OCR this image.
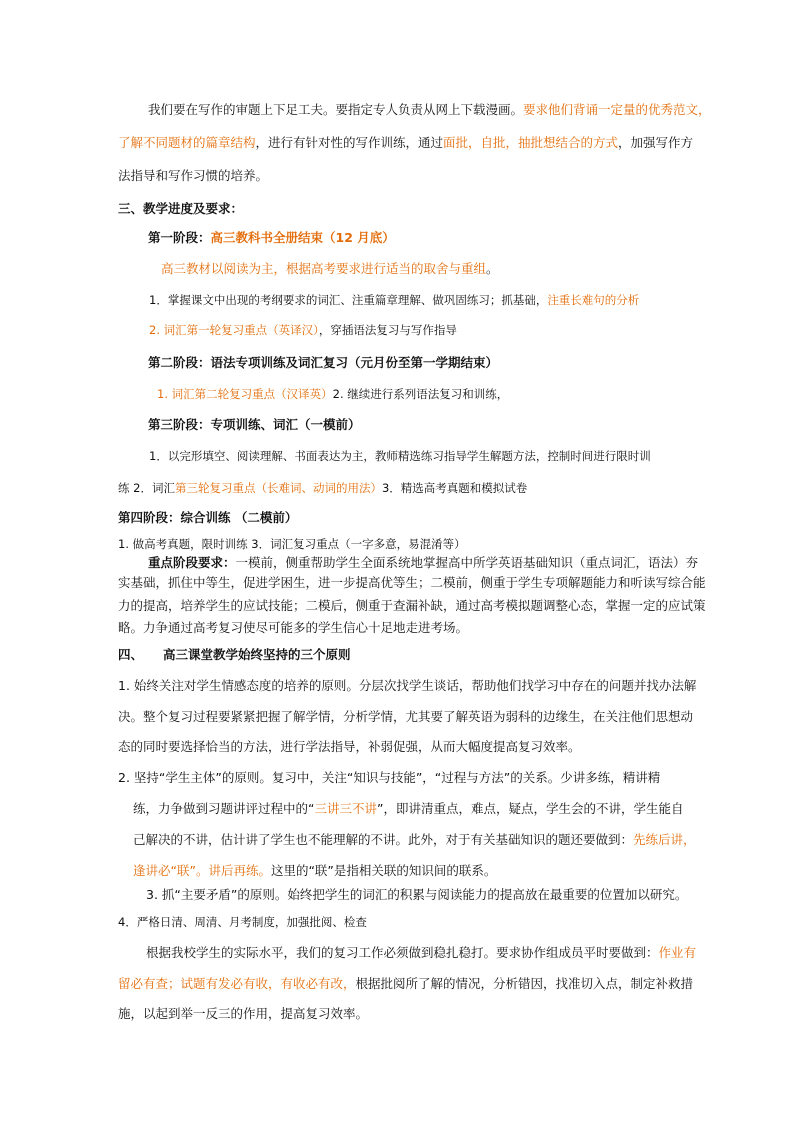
我们要在写作的审题上下足工夫。要指定专人负责从网上下载漫画。要求他们背诵一定量的优秀范文，
了解不同题材的篇章结构，进行有针对性的写作训练，通过面批，自批，抽批想结合的方式，加强写作方
法指导和写作习惯的培养。
三、教学进度及要求：
第一阶段：高三教科书全册结束（12 月底）
高三教材以阅读为主，根据高考要求进行适当的取舍与重组。
1．掌握课文中出现的考纲要求的词汇、注重篇章理解、做巩固练习；抓基础，注重长难句的分析
2. 词汇第一轮复习重点（英译汉），穿插语法复习与写作指导
第二阶段：语法专项训练及词汇复习（元月份至第一学期结束）
1. 词汇第二轮复习重点（汉译英）2. 继续进行系列语法复习和训练，
第三阶段：专项训练、词汇（一模前）
1．以完形填空、阅读理解、书面表达为主，教师精选练习指导学生解题方法，控制时间进行限时训
练 2．词汇第三轮复习重点（长难词、动词的用法）3．精选高考真题和模拟试卷
第四阶段：综合训练 （二模前）
1. 做高考真题，限时训练 3．词汇复习重点（一字多意，易混淆等）
重点阶段要求：一模前，侧重帮助学生全面系统地掌握高中所学英语基础知识（重点词汇，语法）夯
实基础，抓住中等生，促进学困生，进一步提高优等生；二模前，侧重于学生专项解题能力和听读写综合能
力的提高，培养学生的应试技能；二模后，侧重于查漏补缺，通过高考模拟题调整心态，掌握一定的应试策
略。力争通过高考复习使尽可能多的学生信心十足地走进考场。
四、 高三课堂教学始终坚持的三个原则
1. 始终关注对学生情感态度的培养的原则。分层次找学生谈话，帮助他们找学习中存在的问题并找办法解
决。整个复习过程要紧紧把握了解学情，分析学情，尤其要了解英语为弱科的边缘生，在关注他们思想动
态的同时要选择恰当的方法，进行学法指导，补弱促强，从而大幅度提高复习效率。
2. 坚持“学生主体”的原则。复习中，关注“知识与技能”，“过程与方法”的关系。少讲多练，精讲精
练，力争做到习题讲评过程中的“三讲三不讲”，即讲清重点，难点，疑点，学生会的不讲，学生能自
己解决的不讲，估计讲了学生也不能理解的不讲。此外，对于有关基础知识的题还要做到：先练后讲，
逢讲必“联”。讲后再练。这里的“联”是指相关联的知识间的联系。
3. 抓“主要矛盾”的原则。始终把学生的词汇的积累与阅读能力的提高放在最重要的位置加以研究。
4．严格日清、周清、月考制度，加强批阅、检查
根据我校学生的实际水平，我们的复习工作必须做到稳扎稳打。要求协作组成员平时要做到：作业有
留必有查；试题有发必有收，有收必有改，根据批阅所了解的情况，分析错因，找准切入点，制定补救措
施，以起到举一反三的作用，提高复习效率。
